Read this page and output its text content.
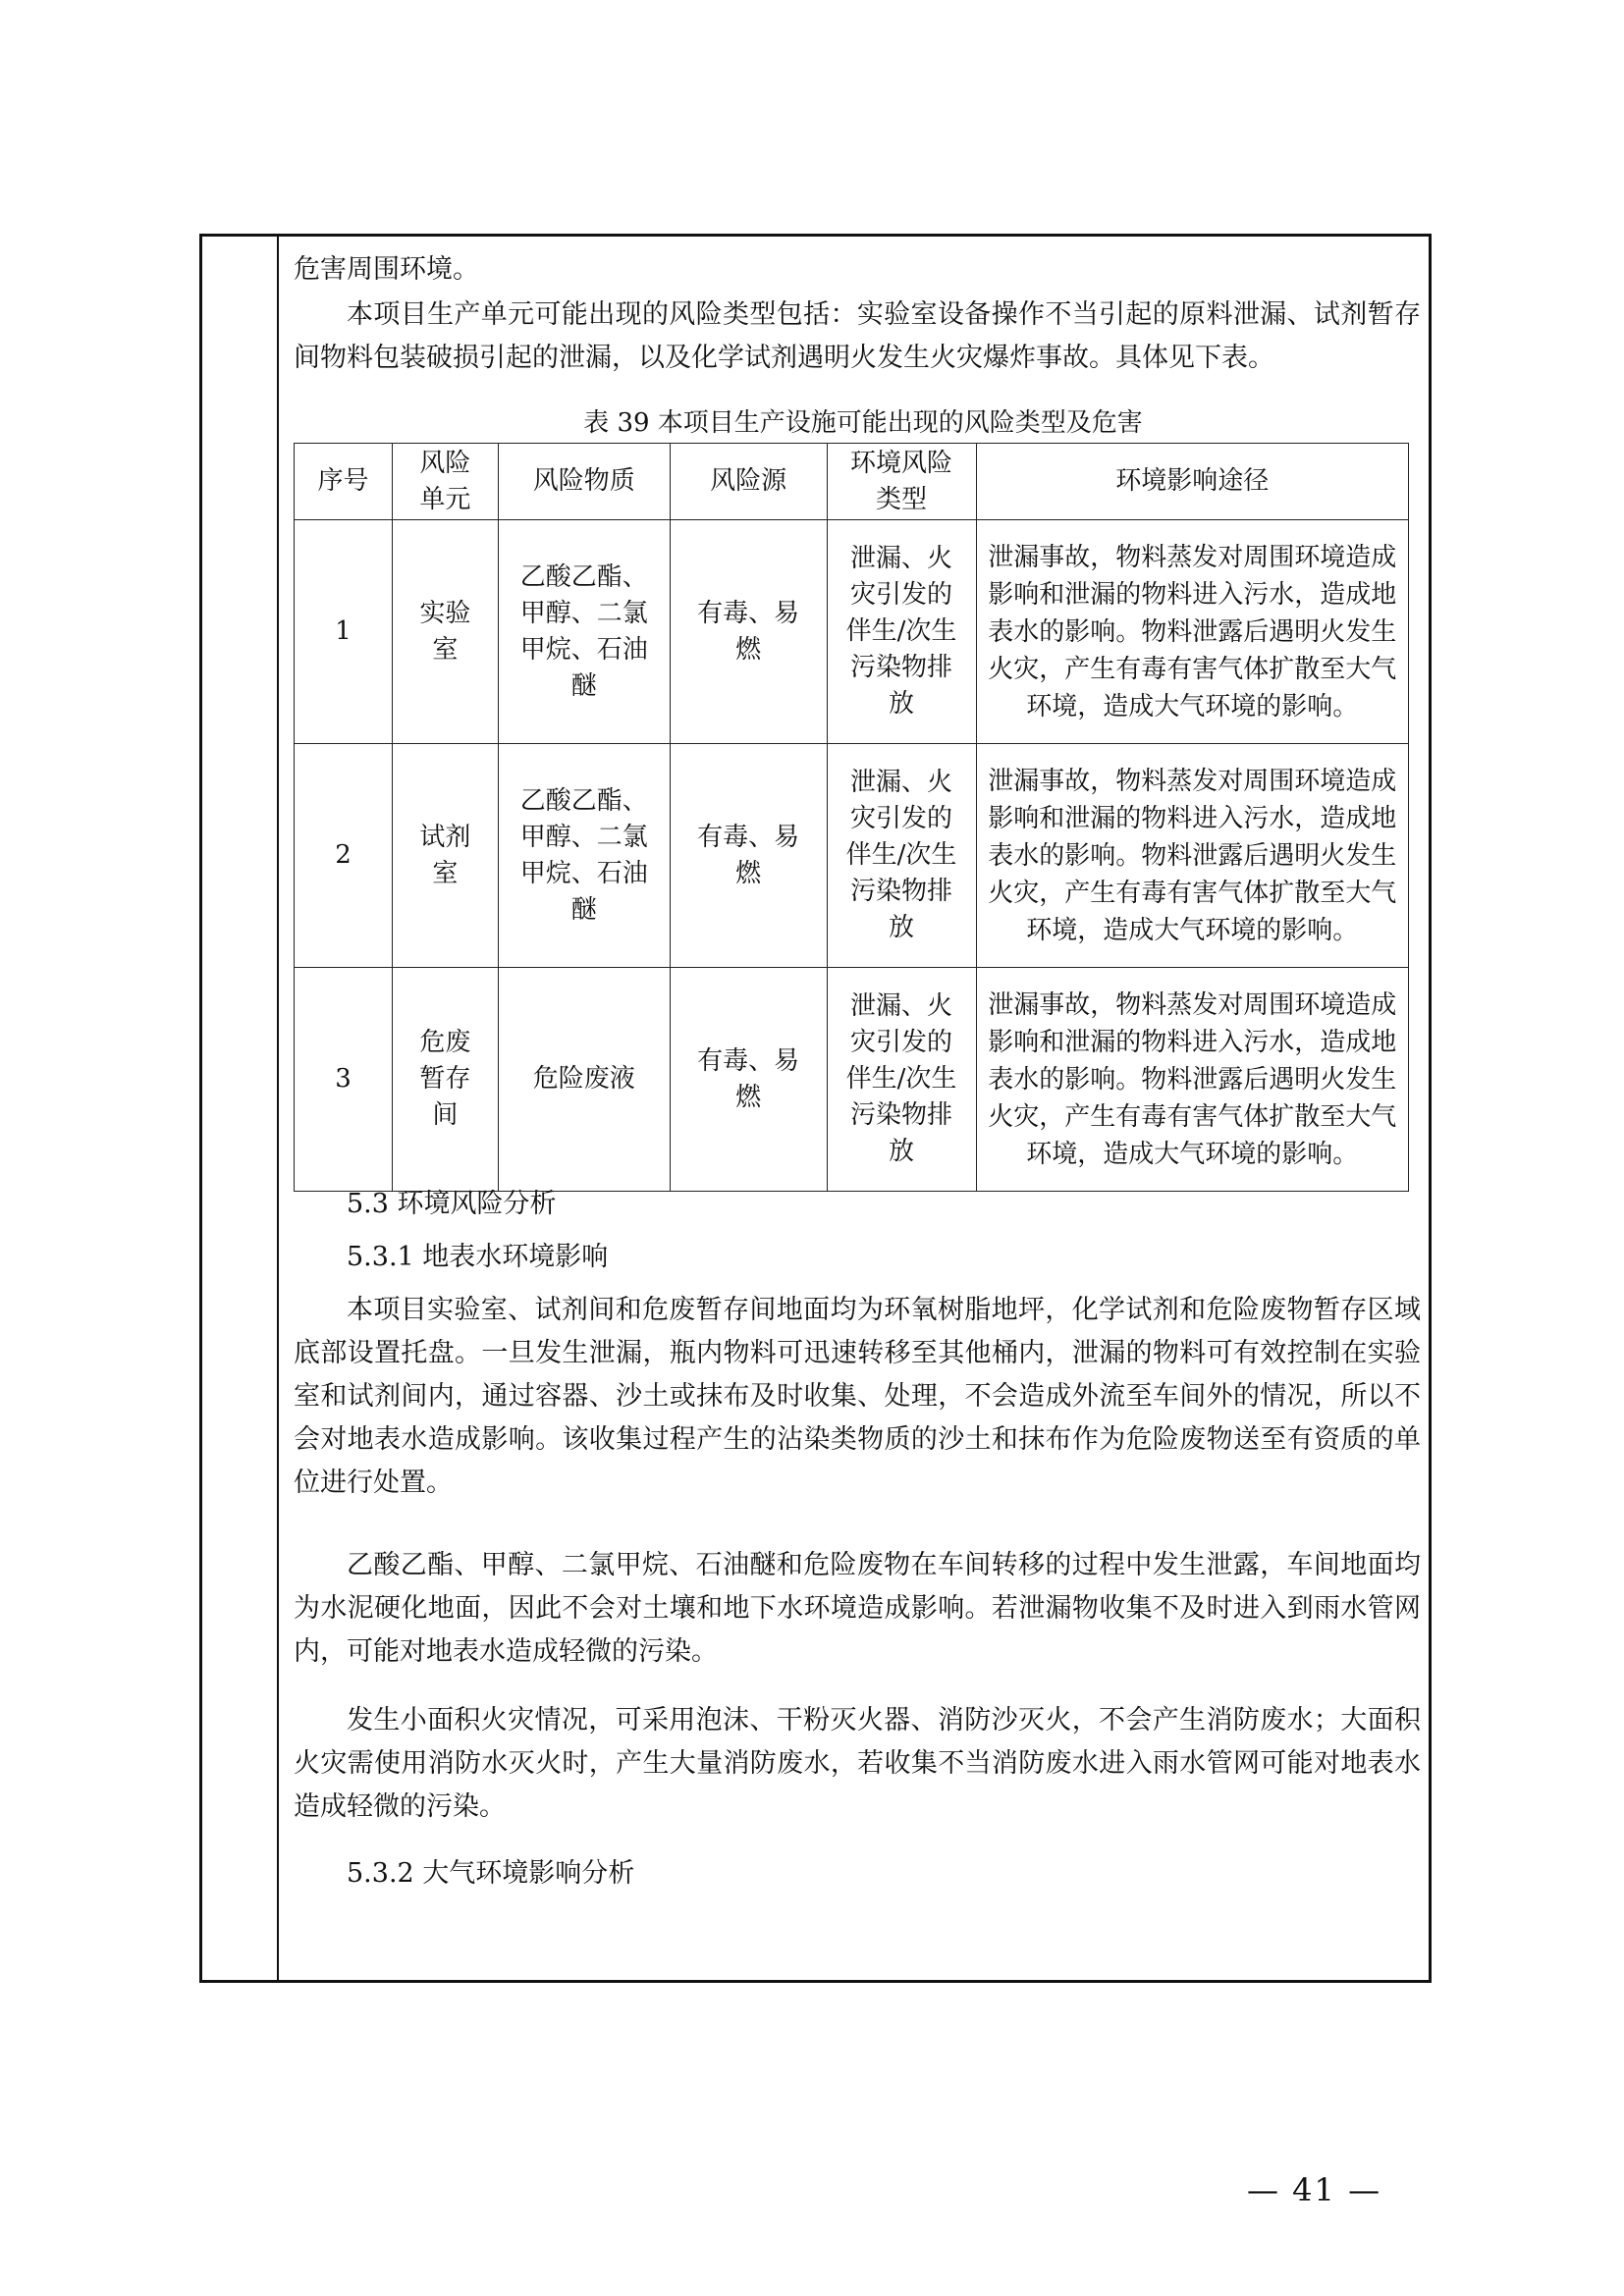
危害周围环境。

本项目生产单元可能出现的风险类型包括：实验室设备操作不当引起的原料泄漏、试剂暂存间物料包装破损引起的泄漏，以及化学试剂遇明火发生火灾爆炸事故。具体见下表。

表 39 本项目生产设施可能出现的风险类型及危害
序号	风险单元	风险物质	风险源	环境风险类型	环境影响途径
1	实验室	乙酸乙酯、甲醇、二氯甲烷、石油醚	有毒、易燃	泄漏、火灾引发的伴生/次生污染物排放	泄漏事故，物料蒸发对周围环境造成影响和泄漏的物料进入污水，造成地表水的影响。物料泄露后遇明火发生火灾，产生有毒有害气体扩散至大气环境，造成大气环境的影响。
2	试剂室	乙酸乙酯、甲醇、二氯甲烷、石油醚	有毒、易燃	泄漏、火灾引发的伴生/次生污染物排放	泄漏事故，物料蒸发对周围环境造成影响和泄漏的物料进入污水，造成地表水的影响。物料泄露后遇明火发生火灾，产生有毒有害气体扩散至大气环境，造成大气环境的影响。
3	危废暂存间	危险废液	有毒、易燃	泄漏、火灾引发的伴生/次生污染物排放	泄漏事故，物料蒸发对周围环境造成影响和泄漏的物料进入污水，造成地表水的影响。物料泄露后遇明火发生火灾，产生有毒有害气体扩散至大气环境，造成大气环境的影响。
5.3 环境风险分析
5.3.1 地表水环境影响

本项目实验室、试剂间和危废暂存间地面均为环氧树脂地坪，化学试剂和危险废物暂存区域底部设置托盘。一旦发生泄漏，瓶内物料可迅速转移至其他桶内，泄漏的物料可有效控制在实验室和试剂间内，通过容器、沙土或抹布及时收集、处理，不会造成外流至车间外的情况，所以不会对地表水造成影响。该收集过程产生的沾染类物质的沙土和抹布作为危险废物送至有资质的单位进行处置。

乙酸乙酯、甲醇、二氯甲烷、石油醚和危险废物在车间转移的过程中发生泄露，车间地面均为水泥硬化地面，因此不会对土壤和地下水环境造成影响。若泄漏物收集不及时进入到雨水管网内，可能对地表水造成轻微的污染。

发生小面积火灾情况，可采用泡沫、干粉灭火器、消防沙灭火，不会产生消防废水；大面积火灾需使用消防水灭火时，产生大量消防废水，若收集不当消防废水进入雨水管网可能对地表水造成轻微的污染。

5.3.2 大气环境影响分析
— 41 —
